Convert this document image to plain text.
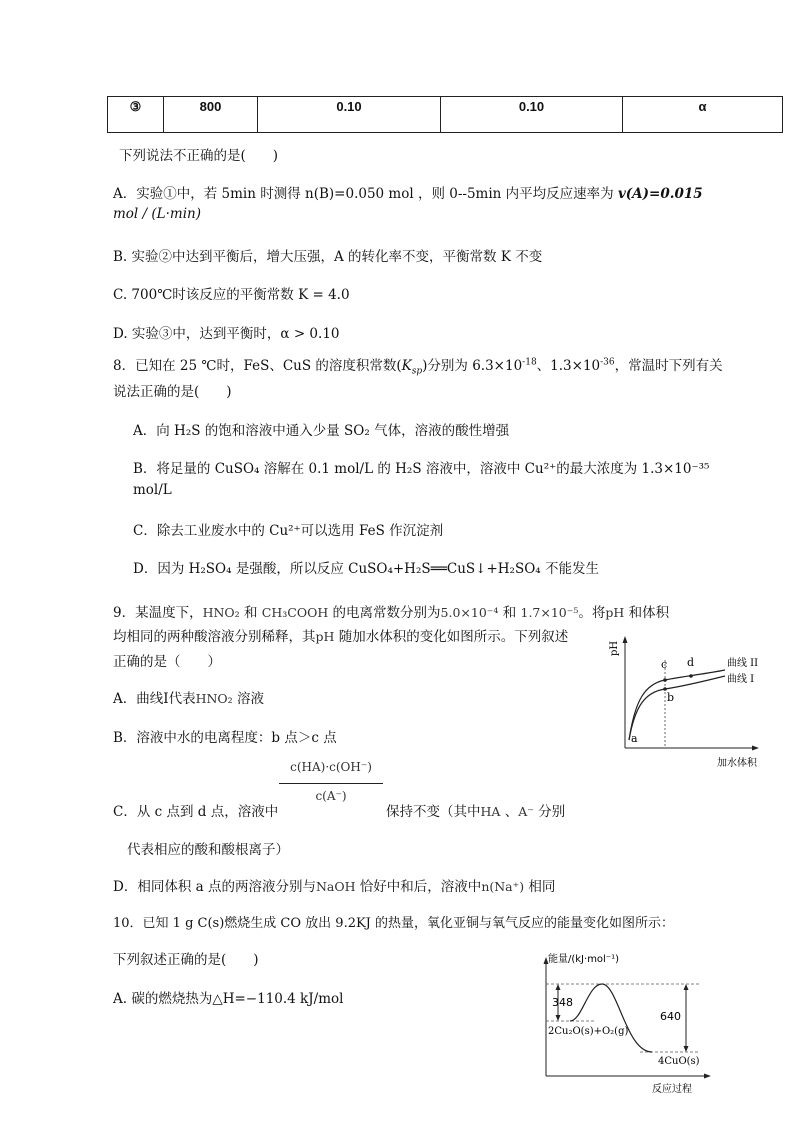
③	800	0.10	0.10	α
下列说法不正确的是(　　)
A．实验①中，若 5min 时测得 n(B)=0.050 mol ，则 0--5min 内平均反应速率为 v(A)=0.015
mol / (L·min)
B. 实验②中达到平衡后，增大压强，A 的转化率不变，平衡常数 K 不变
C. 700℃时该反应的平衡常数 K = 4.0
D. 实验③中，达到平衡时，α > 0.10
8．已知在 25 ℃时，FeS、CuS 的溶度积常数$(K_{sp})$分别为 $6.3\times 10^{-18}$、$1.3\times 10^{-36}$，常温时下列有关
说法正确的是(　　)
A．向 H₂S 的饱和溶液中通入少量 SO₂ 气体，溶液的酸性增强
B．将足量的 CuSO₄ 溶解在 0.1 mol/L 的 H₂S 溶液中，溶液中 Cu²⁺的最大浓度为 1.3×10⁻³⁵
mol/L
C．除去工业废水中的 Cu²⁺可以选用 FeS 作沉淀剂
D．因为 H₂SO₄ 是强酸，所以反应 CuSO₄+H₂S══CuS↓+H₂SO₄ 不能发生
9．某温度下，HNO₂ 和 CH₃COOH 的电离常数分别为5.0×10⁻⁴ 和 1.7×10⁻⁵。将pH 和体积
均相同的两种酸溶液分别稀释，其pH 随加水体积的变化如图所示。下列叙述
正确的是（　　）
A．曲线Ⅰ代表HNO₂ 溶液
B．溶液中水的电离程度：b 点＞c 点
c(HA)·c(OH⁻)
c(A⁻)
C．从 c 点到 d 点，溶液中	保持不变（其中HA 、A⁻ 分别
代表相应的酸和酸根离子）
D．相同体积 a 点的两溶液分别与NaOH 恰好中和后，溶液中n(Na⁺) 相同
pH
加水体积
a
b
c d	曲线 II
曲线 I
10．已知 1 g C(s)燃烧生成 CO 放出 9.2KJ 的热量，氧化亚铜与氧气反应的能量变化如图所示：
下列叙述正确的是(　　)
A. 碳的燃烧热为△H=−110.4 kJ/mol
能量/(kJ·mol⁻¹)
反应过程
348
640
2Cu₂O(s)+O₂(g)
4CuO(s)
